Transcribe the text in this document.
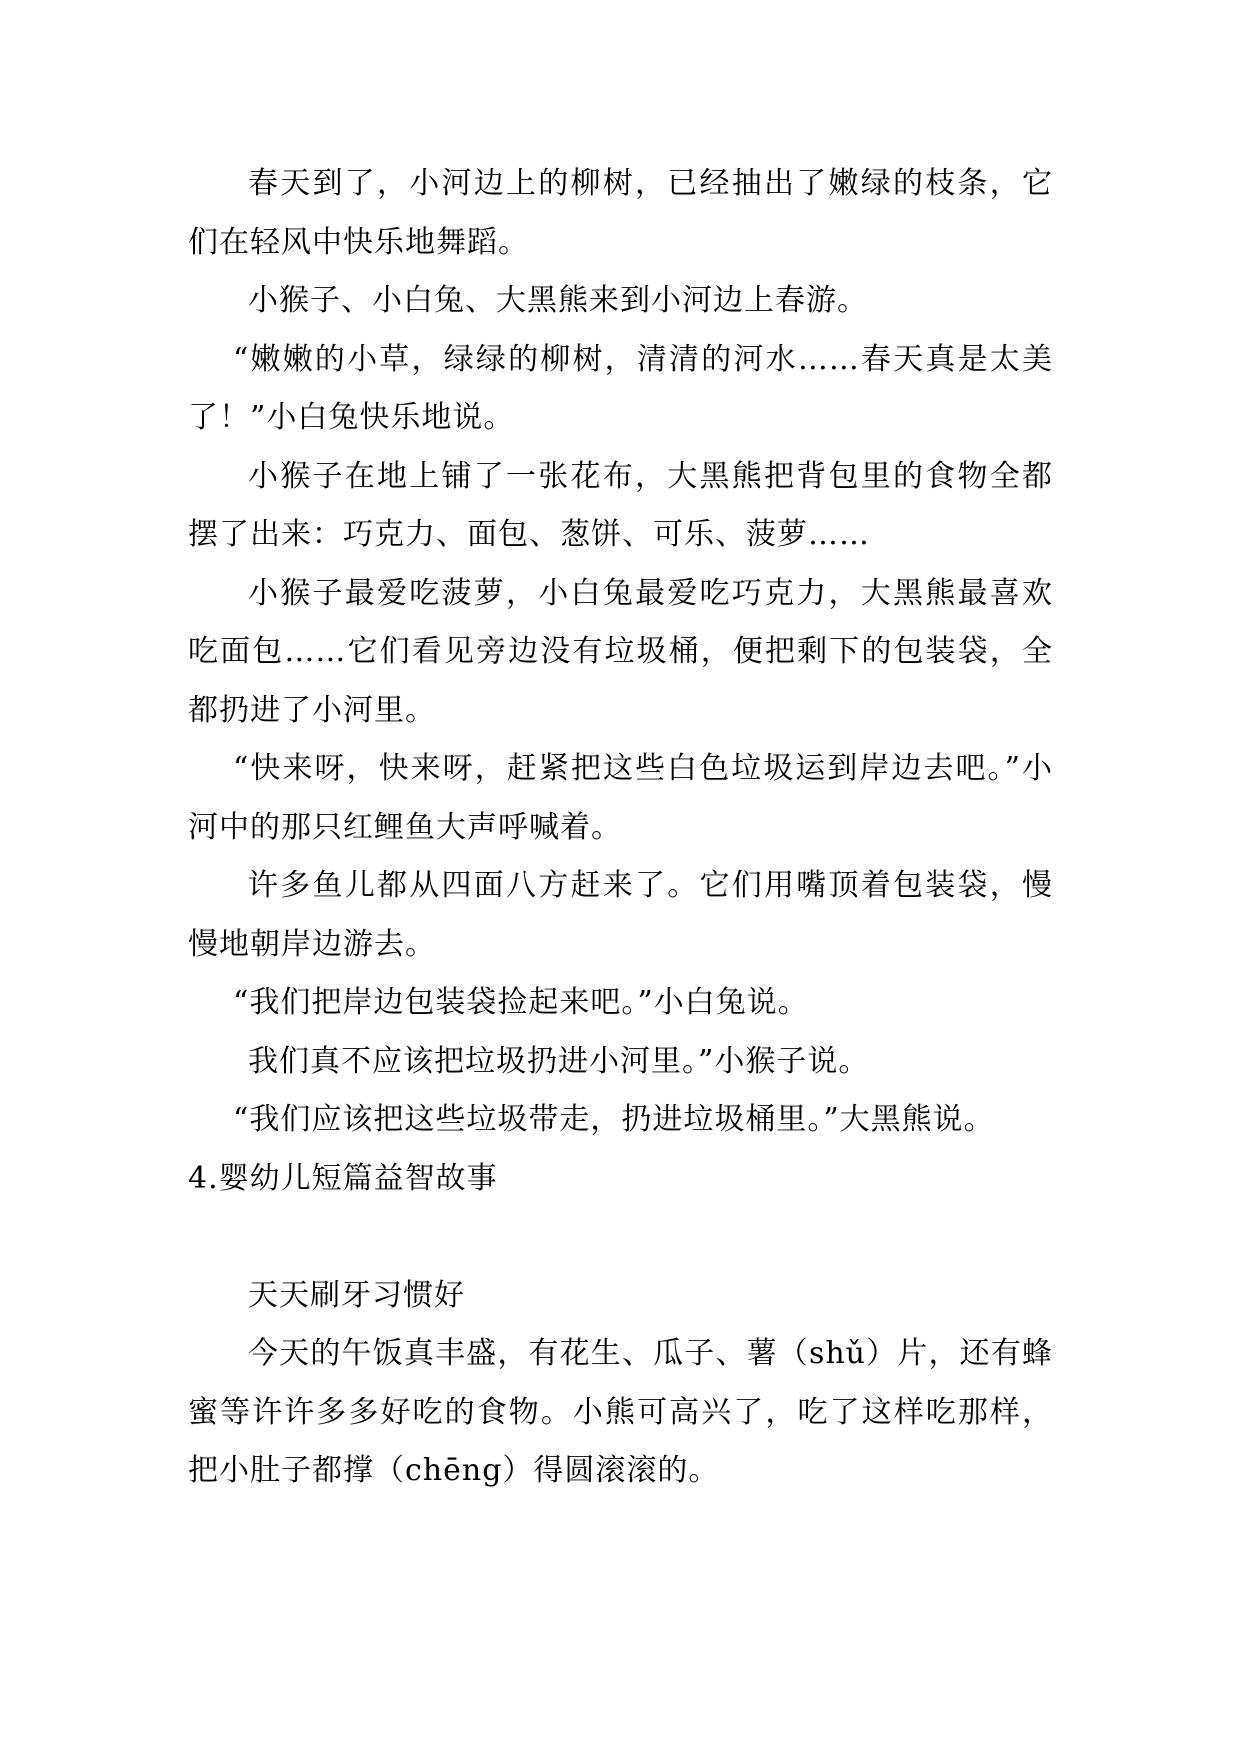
春天到了，小河边上的柳树，已经抽出了嫩绿的枝条，它们在轻风中快乐地舞蹈。

小猴子、小白兔、大黑熊来到小河边上春游。

“嫩嫩的小草，绿绿的柳树，清清的河水……春天真是太美了！”小白兔快乐地说。

小猴子在地上铺了一张花布，大黑熊把背包里的食物全都摆了出来：巧克力、面包、葱饼、可乐、菠萝……

小猴子最爱吃菠萝，小白兔最爱吃巧克力，大黑熊最喜欢吃面包……它们看见旁边没有垃圾桶，便把剩下的包装袋，全都扔进了小河里。

“快来呀，快来呀，赶紧把这些白色垃圾运到岸边去吧。”小河中的那只红鲤鱼大声呼喊着。

许多鱼儿都从四面八方赶来了。它们用嘴顶着包装袋，慢慢地朝岸边游去。

“我们把岸边包装袋捡起来吧。”小白兔说。

我们真不应该把垃圾扔进小河里。”小猴子说。

“我们应该把这些垃圾带走，扔进垃圾桶里。”大黑熊说。

4.婴幼儿短篇益智故事

天天刷牙习惯好

今天的午饭真丰盛，有花生、瓜子、薯（shǔ）片，还有蜂蜜等许许多多好吃的食物。小熊可高兴了，吃了这样吃那样，把小肚子都撑（chēng）得圆滚滚的。
